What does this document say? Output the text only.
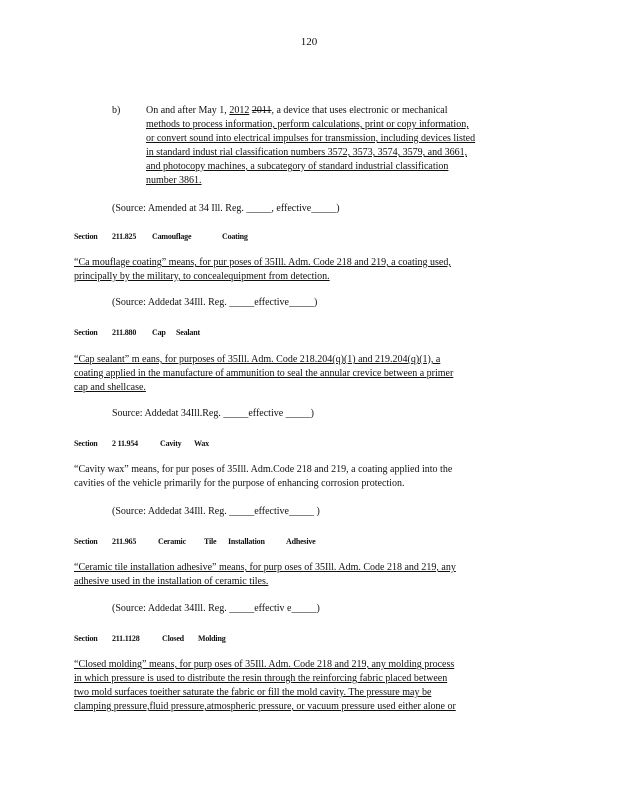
120
b)	On and after May 1, 2012 2011, a device that uses electronic or mechanical
methods to process information, perform calculations, print or copy information,
or convert sound into electrical impulses for transmission, including devices listed
in standard indust rial classification numbers 3572, 3573, 3574, 3579, and 3661,
and photocopy machines, a subcategory of standard industrial classification
number 3861.
(Source: Amended at 34 Ill. Reg. _____, effective_____)
Section 211.825 Camouflage	Coating
“Ca mouflage coating” means, for pur poses of 35Ill. Adm. Code 218 and 219, a coating used,
principally by the military, to concealequipment from detection.
(Source: Addedat 34Ill. Reg. _____effective_____)
Section 211.880 Cap Sealant
“Cap sealant” m eans, for purposes of 35Ill. Adm. Code 218.204(q)(1) and 219.204(q)(1), a
coating applied in the manufacture of ammunition to seal the annular crevice between a primer
cap and shellcase.
Source: Addedat 34Ill.Reg. _____effective _____)
Section 2 11.954	Cavity Wax
“Cavity wax” means, for pur poses of 35Ill. Adm.Code 218 and 219, a coating applied into the
cavities of the vehicle primarily for the purpose of enhancing corrosion protection.
(Source: Addedat 34Ill. Reg. _____effective_____ )
Section 211.965	Ceramic Tile Installation	Adhesive
“Ceramic tile installation adhesive” means, for purp oses of 35Ill. Adm. Code 218 and 219, any
adhesive used in the installation of ceramic tiles.
(Source: Addedat 34Ill. Reg. _____effectiv e_____)
Section 211.1128	Closed Molding
“Closed molding” means, for purp oses of 35Ill. Adm. Code 218 and 219, any molding process
in which pressure is used to distribute the resin through the reinforcing fabric placed between
two mold surfaces toeither saturate the fabric or fill the mold cavity. The pressure may be
clamping pressure,fluid pressure,atmospheric pressure, or vacuum pressure used either alone or
